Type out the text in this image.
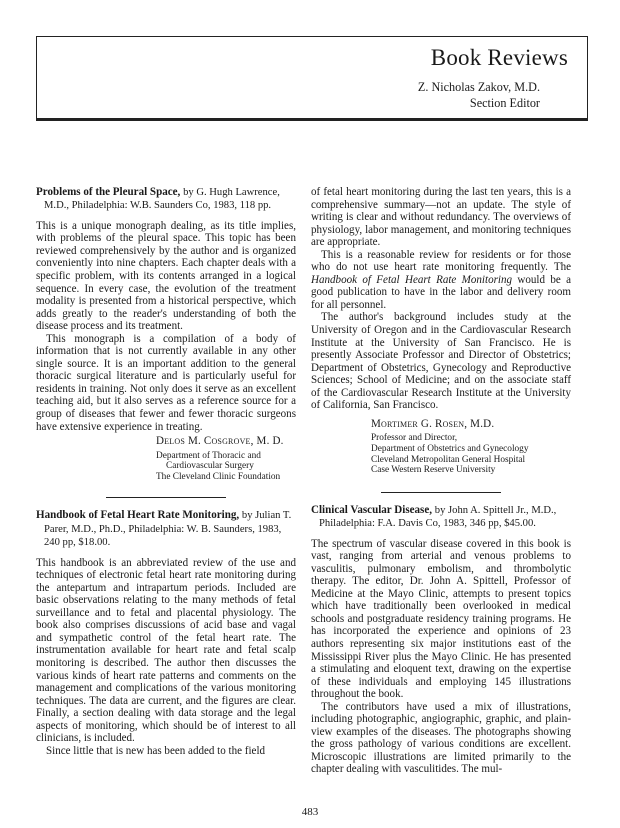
Book Reviews
Z. Nicholas Zakov, M.D.
Section Editor
Problems of the Pleural Space, by G. Hugh Lawrence, M.D., Philadelphia: W.B. Saunders Co, 1983, 118 pp.

This is a unique monograph dealing, as its title implies, with problems of the pleural space. This topic has been reviewed comprehensively by the author and is organized conveniently into nine chapters. Each chapter deals with a specific problem, with its contents arranged in a logical sequence. In every case, the evolution of the treatment modality is presented from a historical perspective, which adds greatly to the reader's understanding of both the disease process and its treatment.

This monograph is a compilation of a body of information that is not currently available in any other single source. It is an important addition to the general thoracic surgical literature and is particularly useful for residents in training. Not only does it serve as an excellent teaching aid, but it also serves as a reference source for a group of diseases that fewer and fewer thoracic surgeons have extensive experience in treating.

Delos M. Cosgrove, M. D.
Department of Thoracic and
Cardiovascular Surgery
The Cleveland Clinic Foundation
Handbook of Fetal Heart Rate Monitoring, by Julian T. Parer, M.D., Ph.D., Philadelphia: W. B. Saunders, 1983, 240 pp, $18.00.

This handbook is an abbreviated review of the use and techniques of electronic fetal heart rate monitoring during the antepartum and intrapartum periods. Included are basic observations relating to the many methods of fetal surveillance and to fetal and placental physiology. The book also comprises discussions of acid base and vagal and sympathetic control of the fetal heart rate. The instrumentation available for heart rate and fetal scalp monitoring is described. The author then discusses the various kinds of heart rate patterns and comments on the management and complications of the various monitoring techniques. The data are current, and the figures are clear. Finally, a section dealing with data storage and the legal aspects of monitoring, which should be of interest to all clinicians, is included.

Since little that is new has been added to the field

of fetal heart monitoring during the last ten years, this is a comprehensive summary—not an update. The style of writing is clear and without redundancy. The overviews of physiology, labor management, and monitoring techniques are appropriate.

This is a reasonable review for residents or for those who do not use heart rate monitoring frequently. The Handbook of Fetal Heart Rate Monitoring would be a good publication to have in the labor and delivery room for all personnel.

The author's background includes study at the University of Oregon and in the Cardiovascular Research Institute at the University of San Francisco. He is presently Associate Professor and Director of Obstetrics; Department of Obstetrics, Gynecology and Reproductive Sciences; School of Medicine; and on the associate staff of the Cardiovascular Research Institute at the University of California, San Francisco.

Mortimer G. Rosen, M.D.
Professor and Director,
Department of Obstetrics and Gynecology
Cleveland Metropolitan General Hospital
Case Western Reserve University
Clinical Vascular Disease, by John A. Spittell Jr., M.D., Philadelphia: F.A. Davis Co, 1983, 346 pp, $45.00.

The spectrum of vascular disease covered in this book is vast, ranging from arterial and venous problems to vasculitis, pulmonary embolism, and thrombolytic therapy. The editor, Dr. John A. Spittell, Professor of Medicine at the Mayo Clinic, attempts to present topics which have traditionally been overlooked in medical schools and postgraduate residency training programs. He has incorporated the experience and opinions of 23 authors representing six major institutions east of the Mississippi River plus the Mayo Clinic. He has presented a stimulating and eloquent text, drawing on the expertise of these individuals and employing 145 illustrations throughout the book.

The contributors have used a mix of illustrations, including photographic, angiographic, graphic, and plain-view examples of the diseases. The photographs showing the gross pathology of various conditions are excellent. Microscopic illustrations are limited primarily to the chapter dealing with vasculitides. The mul-

483
